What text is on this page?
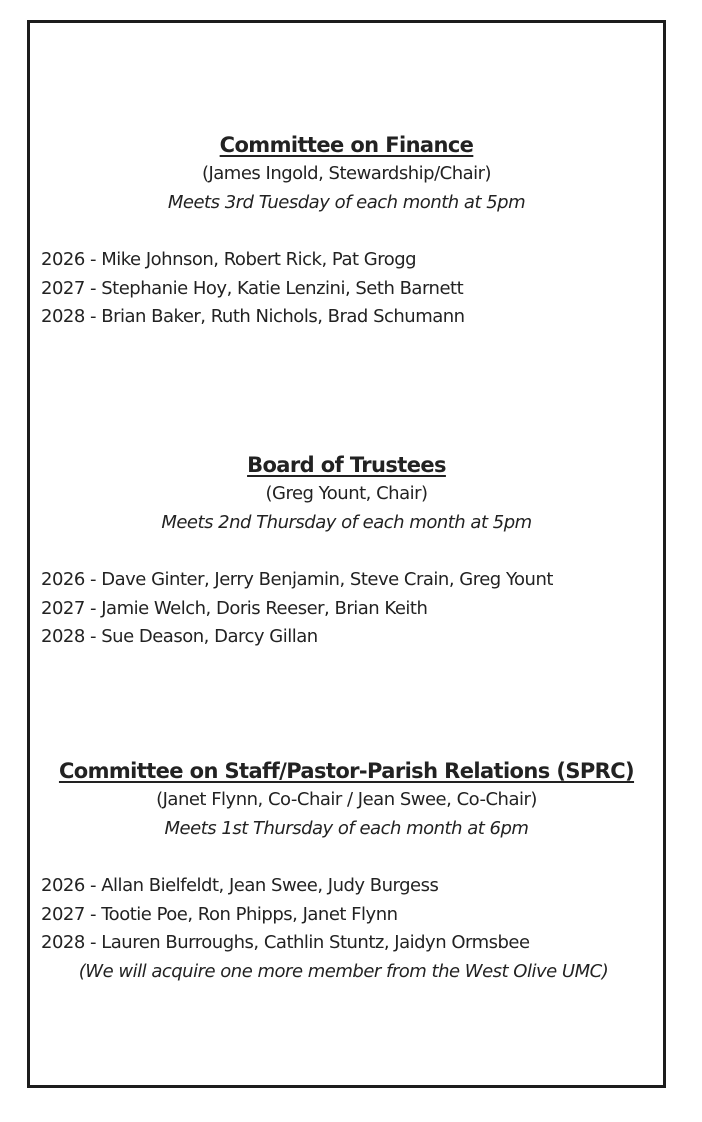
Committee on Finance
(James Ingold, Stewardship/Chair)
Meets 3rd Tuesday of each month at 5pm
2026 - Mike Johnson, Robert Rick, Pat Grogg
2027 - Stephanie Hoy, Katie Lenzini, Seth Barnett
2028 - Brian Baker, Ruth Nichols, Brad Schumann
Board of Trustees
(Greg Yount, Chair)
Meets 2nd Thursday of each month at 5pm
2026 - Dave Ginter, Jerry Benjamin, Steve Crain, Greg Yount
2027 - Jamie Welch, Doris Reeser, Brian Keith
2028 - Sue Deason, Darcy Gillan
Committee on Staff/Pastor-Parish Relations (SPRC)
(Janet Flynn, Co-Chair / Jean Swee, Co-Chair)
Meets 1st Thursday of each month at 6pm
2026 - Allan Bielfeldt, Jean Swee, Judy Burgess
2027 - Tootie Poe, Ron Phipps, Janet Flynn
2028 - Lauren Burroughs, Cathlin Stuntz, Jaidyn Ormsbee
(We will acquire one more member from the West Olive UMC)
